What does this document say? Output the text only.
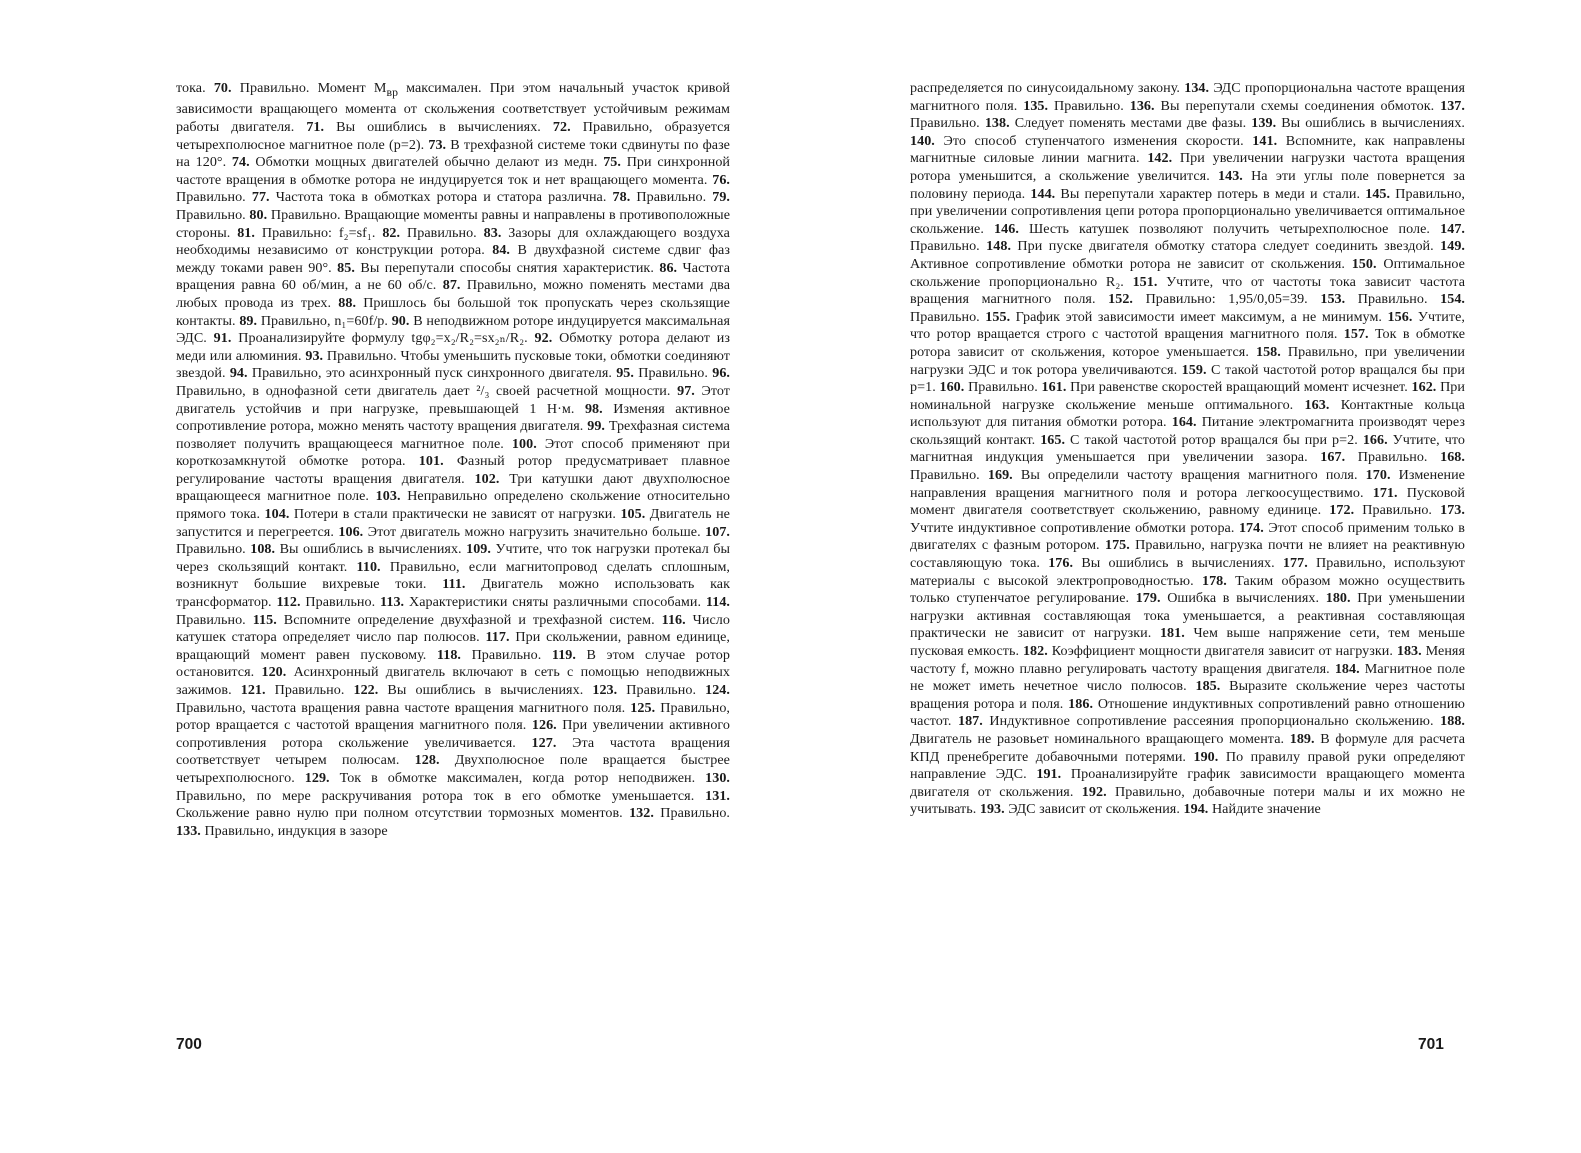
тока. 70. Правильно. Момент $M_{вр}$ максимален. При этом начальный участок кривой зависимости вращающего момента от скольжения соответствует устойчивым режимам работы двигателя. 71. Вы ошиблись в вычислениях. 72. Правильно, образуется четырехполюсное магнитное поле (p=2). 73. В трехфазной системе токи сдвинуты по фазе на 120°. 74. Обмотки мощных двигателей обычно делают из медн. 75. При синхронной частоте вращения в обмотке ротора не индуцируется ток и нет вращающего момента. 76. Правильно. 77. Частота тока в обмотках ротора и статора различна. 78. Правильно. 79. Правильно. 80. Правильно. Вращающие моменты равны и направлены в противоположные стороны. 81. Правильно: f₂=sf₁. 82. Правильно. 83. Зазоры для охлаждающего воздуха необходимы независимо от конструкции ротора. 84. В двухфазной системе сдвиг фаз между токами равен 90°. 85. Вы перепутали способы снятия характеристик. 86. Частота вращения равна 60 об/мин, а не 60 об/с. 87. Правильно, можно поменять местами два любых провода из трех. 88. Пришлось бы большой ток пропускать через скользящие контакты. 89. Правильно, n₁=60f/p. 90. В неподвижном роторе индуцируется максимальная ЭДС. 91. Проанализируйте формулу tgφ₂=x₂/R₂=sx₂ₙ/R₂. 92. Обмотку ротора делают из меди или алюминия. 93. Правильно. Чтобы уменьшить пусковые токи, обмотки соединяют звездой. 94. Правильно, это асинхронный пуск синхронного двигателя. 95. Правильно. 96. Правильно, в однофазной сети двигатель дает ²/₃ своей расчетной мощности. 97. Этот двигатель устойчив и при нагрузке, превышающей 1 Н·м. 98. Изменяя активное сопротивление ротора, можно менять частоту вращения двигателя. 99. Трехфазная система позволяет получить вращающееся магнитное поле. 100. Этот способ применяют при короткозамкнутой обмотке ротора. 101. Фазный ротор предусматривает плавное регулирование частоты вращения двигателя. 102. Три катушки дают двухполюсное вращающееся магнитное поле. 103. Неправильно определено скольжение относительно прямого тока. 104. Потери в стали практически не зависят от нагрузки. 105. Двигатель не запустится и перегреется. 106. Этот двигатель можно нагрузить значительно больше. 107. Правильно. 108. Вы ошиблись в вычислениях. 109. Учтите, что ток нагрузки протекал бы через скользящий контакт. 110. Правильно, если магнитопровод сделать сплошным, возникнут большие вихревые токи. 111. Двигатель можно использовать как трансформатор. 112. Правильно. 113. Характеристики сняты различными способами. 114. Правильно. 115. Вспомните определение двухфазной и трехфазной систем. 116. Число катушек статора определяет число пар полюсов. 117. При скольжении, равном единице, вращающий момент равен пусковому. 118. Правильно. 119. В этом случае ротор остановится. 120. Асинхронный двигатель включают в сеть с помощью неподвижных зажимов. 121. Правильно. 122. Вы ошиблись в вычислениях. 123. Правильно. 124. Правильно, частота вращения равна частоте вращения магнитного поля. 125. Правильно, ротор вращается с частотой вращения магнитного поля. 126. При увеличении активного сопротивления ротора скольжение увеличивается. 127. Эта частота вращения соответствует четырем полюсам. 128. Двухполюсное поле вращается быстрее четырехполюсного. 129. Ток в обмотке максимален, когда ротор неподвижен. 130. Правильно, по мере раскручивания ротора ток в его обмотке уменьшается. 131. Скольжение равно нулю при полном отсутствии тормозных моментов. 132. Правильно. 133. Правильно, индукция в зазоре

700

распределяется по синусоидальному закону. 134. ЭДС пропорциональна частоте вращения магнитного поля. 135. Правильно. 136. Вы перепутали схемы соединения обмоток. 137. Правильно. 138. Следует поменять местами две фазы. 139. Вы ошиблись в вычислениях. 140. Это способ ступенчатого изменения скорости. 141. Вспомните, как направлены магнитные силовые линии магнита. 142. При увеличении нагрузки частота вращения ротора уменьшится, а скольжение увеличится. 143. На эти углы поле повернется за половину периода. 144. Вы перепутали характер потерь в меди и стали. 145. Правильно, при увеличении сопротивления цепи ротора пропорционально увеличивается оптимальное скольжение. 146. Шесть катушек позволяют получить четырехполюсное поле. 147. Правильно. 148. При пуске двигателя обмотку статора следует соединить звездой. 149. Активное сопротивление обмотки ротора не зависит от скольжения. 150. Оптимальное скольжение пропорционально R₂. 151. Учтите, что от частоты тока зависит частота вращения магнитного поля. 152. Правильно: 1,95/0,05=39. 153. Правильно. 154. Правильно. 155. График этой зависимости имеет максимум, а не минимум. 156. Учтите, что ротор вращается строго с частотой вращения магнитного поля. 157. Ток в обмотке ротора зависит от скольжения, которое уменьшается. 158. Правильно, при увеличении нагрузки ЭДС и ток ротора увеличиваются. 159. С такой частотой ротор вращался бы при p=1. 160. Правильно. 161. При равенстве скоростей вращающий момент исчезнет. 162. При номинальной нагрузке скольжение меньше оптимального. 163. Контактные кольца используют для питания обмотки ротора. 164. Питание электромагнита производят через скользящий контакт. 165. С такой частотой ротор вращался бы при p=2. 166. Учтите, что магнитная индукция уменьшается при увеличении зазора. 167. Правильно. 168. Правильно. 169. Вы определили частоту вращения магнитного поля. 170. Изменение направления вращения магнитного поля и ротора легкоосуществимо. 171. Пусковой момент двигателя соответствует скольжению, равному единице. 172. Правильно. 173. Учтите индуктивное сопротивление обмотки ротора. 174. Этот способ применим только в двигателях с фазным ротором. 175. Правильно, нагрузка почти не влияет на реактивную составляющую тока. 176. Вы ошиблись в вычислениях. 177. Правильно, используют материалы с высокой электропроводностью. 178. Таким образом можно осуществить только ступенчатое регулирование. 179. Ошибка в вычислениях. 180. При уменьшении нагрузки активная составляющая тока уменьшается, а реактивная составляющая практически не зависит от нагрузки. 181. Чем выше напряжение сети, тем меньше пусковая емкость. 182. Коэффициент мощности двигателя зависит от нагрузки. 183. Меняя частоту f, можно плавно регулировать частоту вращения двигателя. 184. Магнитное поле не может иметь нечетное число полюсов. 185. Выразите скольжение через частоты вращения ротора и поля. 186. Отношение индуктивных сопротивлений равно отношению частот. 187. Индуктивное сопротивление рассеяния пропорционально скольжению. 188. Двигатель не разовьет номинального вращающего момента. 189. В формуле для расчета КПД пренебрегите добавочными потерями. 190. По правилу правой руки определяют направление ЭДС. 191. Проанализируйте график зависимости вращающего момента двигателя от скольжения. 192. Правильно, добавочные потери малы и их можно не учитывать. 193. ЭДС зависит от скольжения. 194. Найдите значение

701
